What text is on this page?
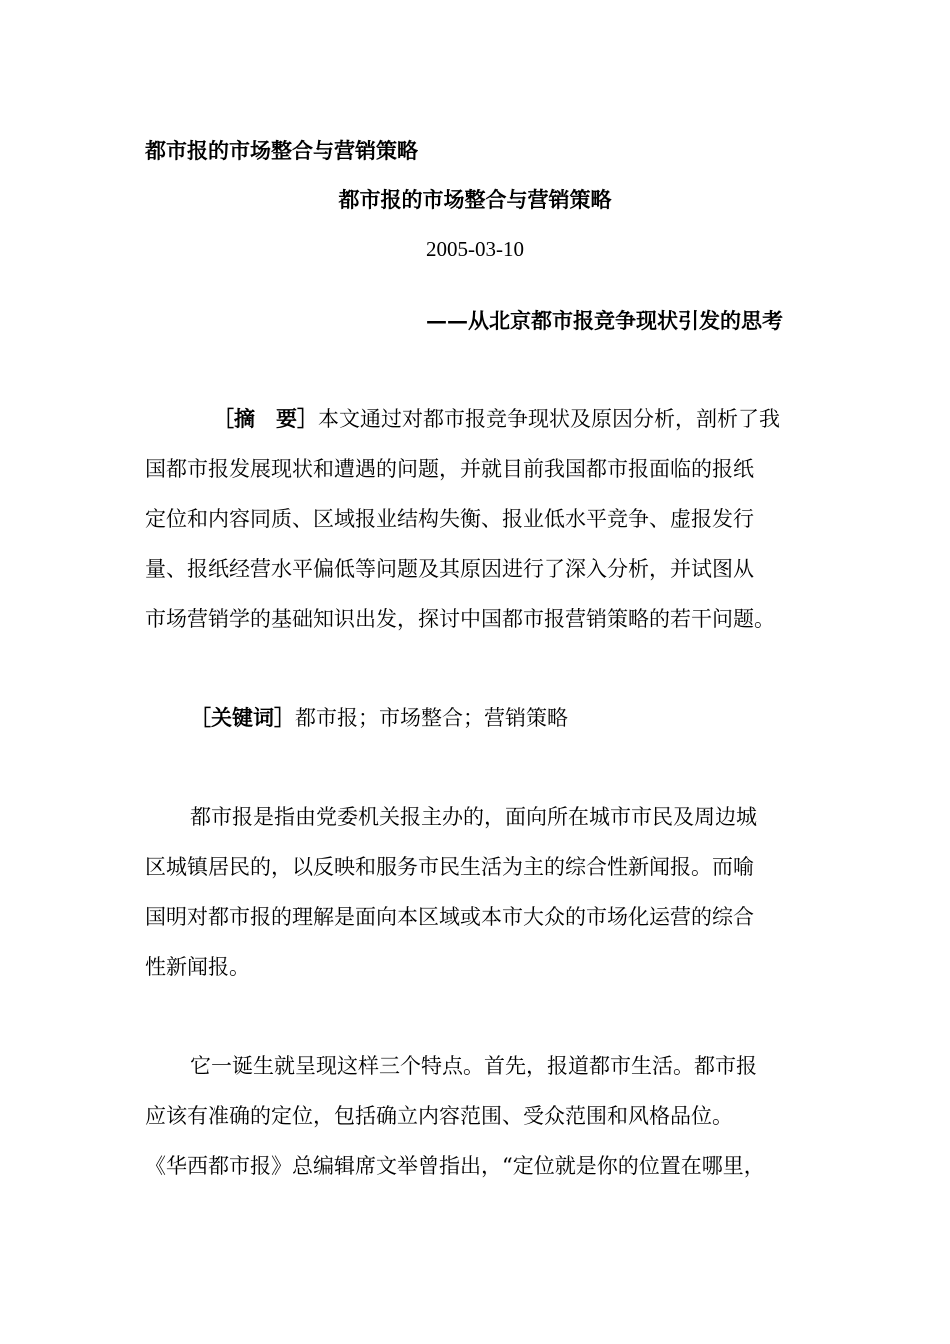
都市报的市场整合与营销策略
都市报的市场整合与营销策略
2005-03-10
——从北京都市报竞争现状引发的思考
［摘　要］本文通过对都市报竞争现状及原因分析，剖析了我
国都市报发展现状和遭遇的问题，并就目前我国都市报面临的报纸
定位和内容同质、区域报业结构失衡、报业低水平竞争、虚报发行
量、报纸经营水平偏低等问题及其原因进行了深入分析，并试图从
市场营销学的基础知识出发，探讨中国都市报营销策略的若干问题。
［关键词］都市报；市场整合；营销策略
都市报是指由党委机关报主办的，面向所在城市市民及周边城
区城镇居民的，以反映和服务市民生活为主的综合性新闻报。而喻
国明对都市报的理解是面向本区域或本市大众的市场化运营的综合
性新闻报。
它一诞生就呈现这样三个特点。首先，报道都市生活。都市报
应该有准确的定位，包括确立内容范围、受众范围和风格品位。
《华西都市报》总编辑席文举曾指出，“定位就是你的位置在哪里，
